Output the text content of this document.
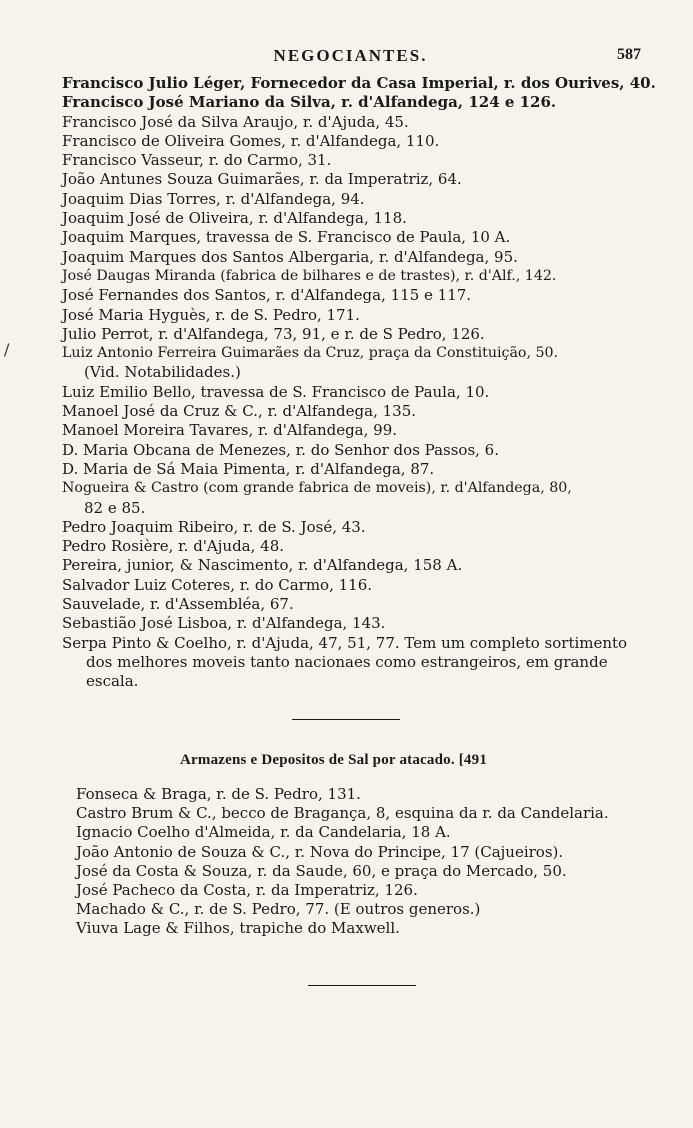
/
NEGOCIANTES.	587
Francisco Julio Léger, Fornecedor da Casa Imperial, r. dos Ourives, 40.
Francisco José Mariano da Silva, r. d'Alfandega, 124 e 126.
Francisco José da Silva Araujo, r. d'Ajuda, 45.
Francisco de Oliveira Gomes, r. d'Alfandega, 110.
Francisco Vasseur, r. do Carmo, 31.
João Antunes Souza Guimarães, r. da Imperatriz, 64.
Joaquim Dias Torres, r. d'Alfandega, 94.
Joaquim José de Oliveira, r. d'Alfandega, 118.
Joaquim Marques, travessa de S. Francisco de Paula, 10 A.
Joaquim Marques dos Santos Albergaria, r. d'Alfandega, 95.
José Daugas Miranda (fabrica de bilhares e de trastes), r. d'Alf., 142.
José Fernandes dos Santos, r. d'Alfandega, 115 e 117.
José Maria Hyguès, r. de S. Pedro, 171.
Julio Perrot, r. d'Alfandega, 73, 91, e r. de S Pedro, 126.
Luiz Antonio Ferreira Guimarães da Cruz, praça da Constituição, 50.
(Vid. Notabilidades.)
Luiz Emilio Bello, travessa de S. Francisco de Paula, 10.
Manoel José da Cruz & C., r. d'Alfandega, 135.
Manoel Moreira Tavares, r. d'Alfandega, 99.
D. Maria Obcana de Menezes, r. do Senhor dos Passos, 6.
D. Maria de Sá Maia Pimenta, r. d'Alfandega, 87.
Nogueira & Castro (com grande fabrica de moveis), r. d'Alfandega, 80,
82 e 85.
Pedro Joaquim Ribeiro, r. de S. José, 43.
Pedro Rosière, r. d'Ajuda, 48.
Pereira, junior, & Nascimento, r. d'Alfandega, 158 A.
Salvador Luiz Coteres, r. do Carmo, 116.
Sauvelade, r. d'Assembléa, 67.
Sebastião José Lisboa, r. d'Alfandega, 143.
Serpa Pinto & Coelho, r. d'Ajuda, 47, 51, 77. Tem um completo sortimento dos melhores moveis tanto nacionaes como estrangeiros, em grande escala.
Armazens e Depositos de Sal por atacado. [491
Fonseca & Braga, r. de S. Pedro, 131.
Castro Brum & C., becco de Bragança, 8, esquina da r. da Candelaria.
Ignacio Coelho d'Almeida, r. da Candelaria, 18 A.
João Antonio de Souza & C., r. Nova do Principe, 17 (Cajueiros).
José da Costa & Souza, r. da Saude, 60, e praça do Mercado, 50.
José Pacheco da Costa, r. da Imperatriz, 126.
Machado & C., r. de S. Pedro, 77. (E outros generos.)
Viuva Lage & Filhos, trapiche do Maxwell.
